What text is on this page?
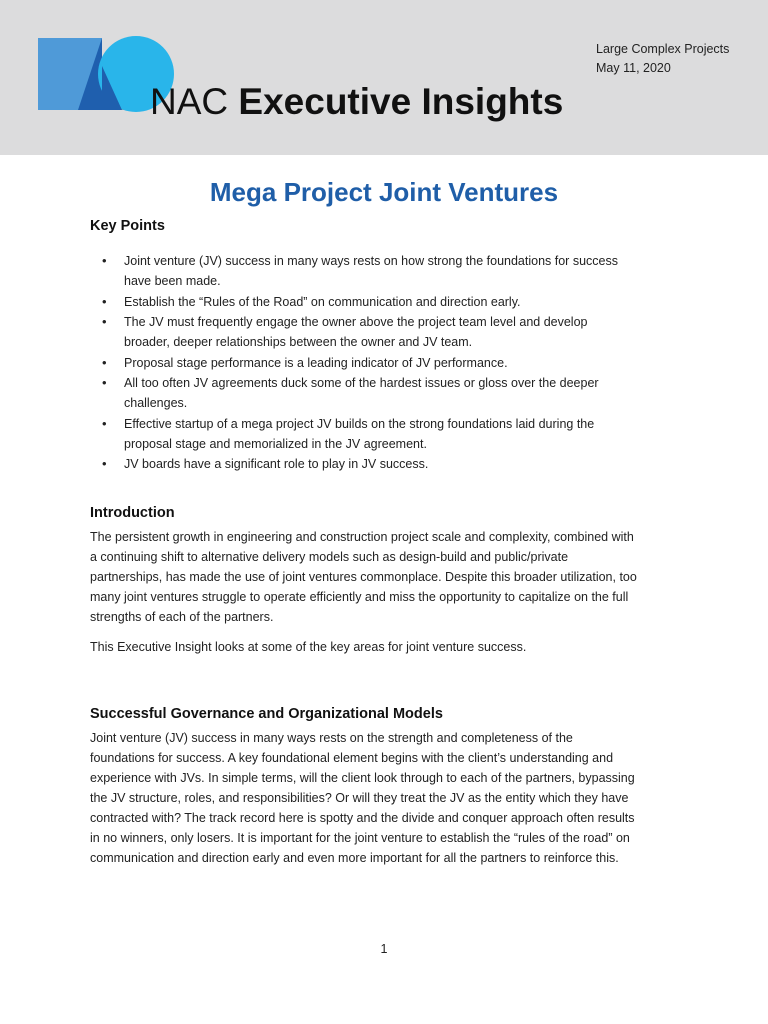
NAC Executive Insights
Large Complex Projects
May 11, 2020
Mega Project Joint Ventures
Key Points
• Joint venture (JV) success in many ways rests on how strong the foundations for success have been made.
• Establish the “Rules of the Road” on communication and direction early.
• The JV must frequently engage the owner above the project team level and develop broader, deeper relationships between the owner and JV team.
• Proposal stage performance is a leading indicator of JV performance.
• All too often JV agreements duck some of the hardest issues or gloss over the deeper challenges.
• Effective startup of a mega project JV builds on the strong foundations laid during the proposal stage and memorialized in the JV agreement.
• JV boards have a significant role to play in JV success.
Introduction

The persistent growth in engineering and construction project scale and complexity, combined with a continuing shift to alternative delivery models such as design-build and public/private partnerships, has made the use of joint ventures commonplace. Despite this broader utilization, too many joint ventures struggle to operate efficiently and miss the opportunity to capitalize on the full strengths of each of the partners.

This Executive Insight looks at some of the key areas for joint venture success.

Successful Governance and Organizational Models

Joint venture (JV) success in many ways rests on the strength and completeness of the foundations for success. A key foundational element begins with the client’s understanding and experience with JVs. In simple terms, will the client look through to each of the partners, bypassing the JV structure, roles, and responsibilities? Or will they treat the JV as the entity which they have contracted with? The track record here is spotty and the divide and conquer approach often results in no winners, only losers. It is important for the joint venture to establish the “rules of the road” on communication and direction early and even more important for all the partners to reinforce this.

1
